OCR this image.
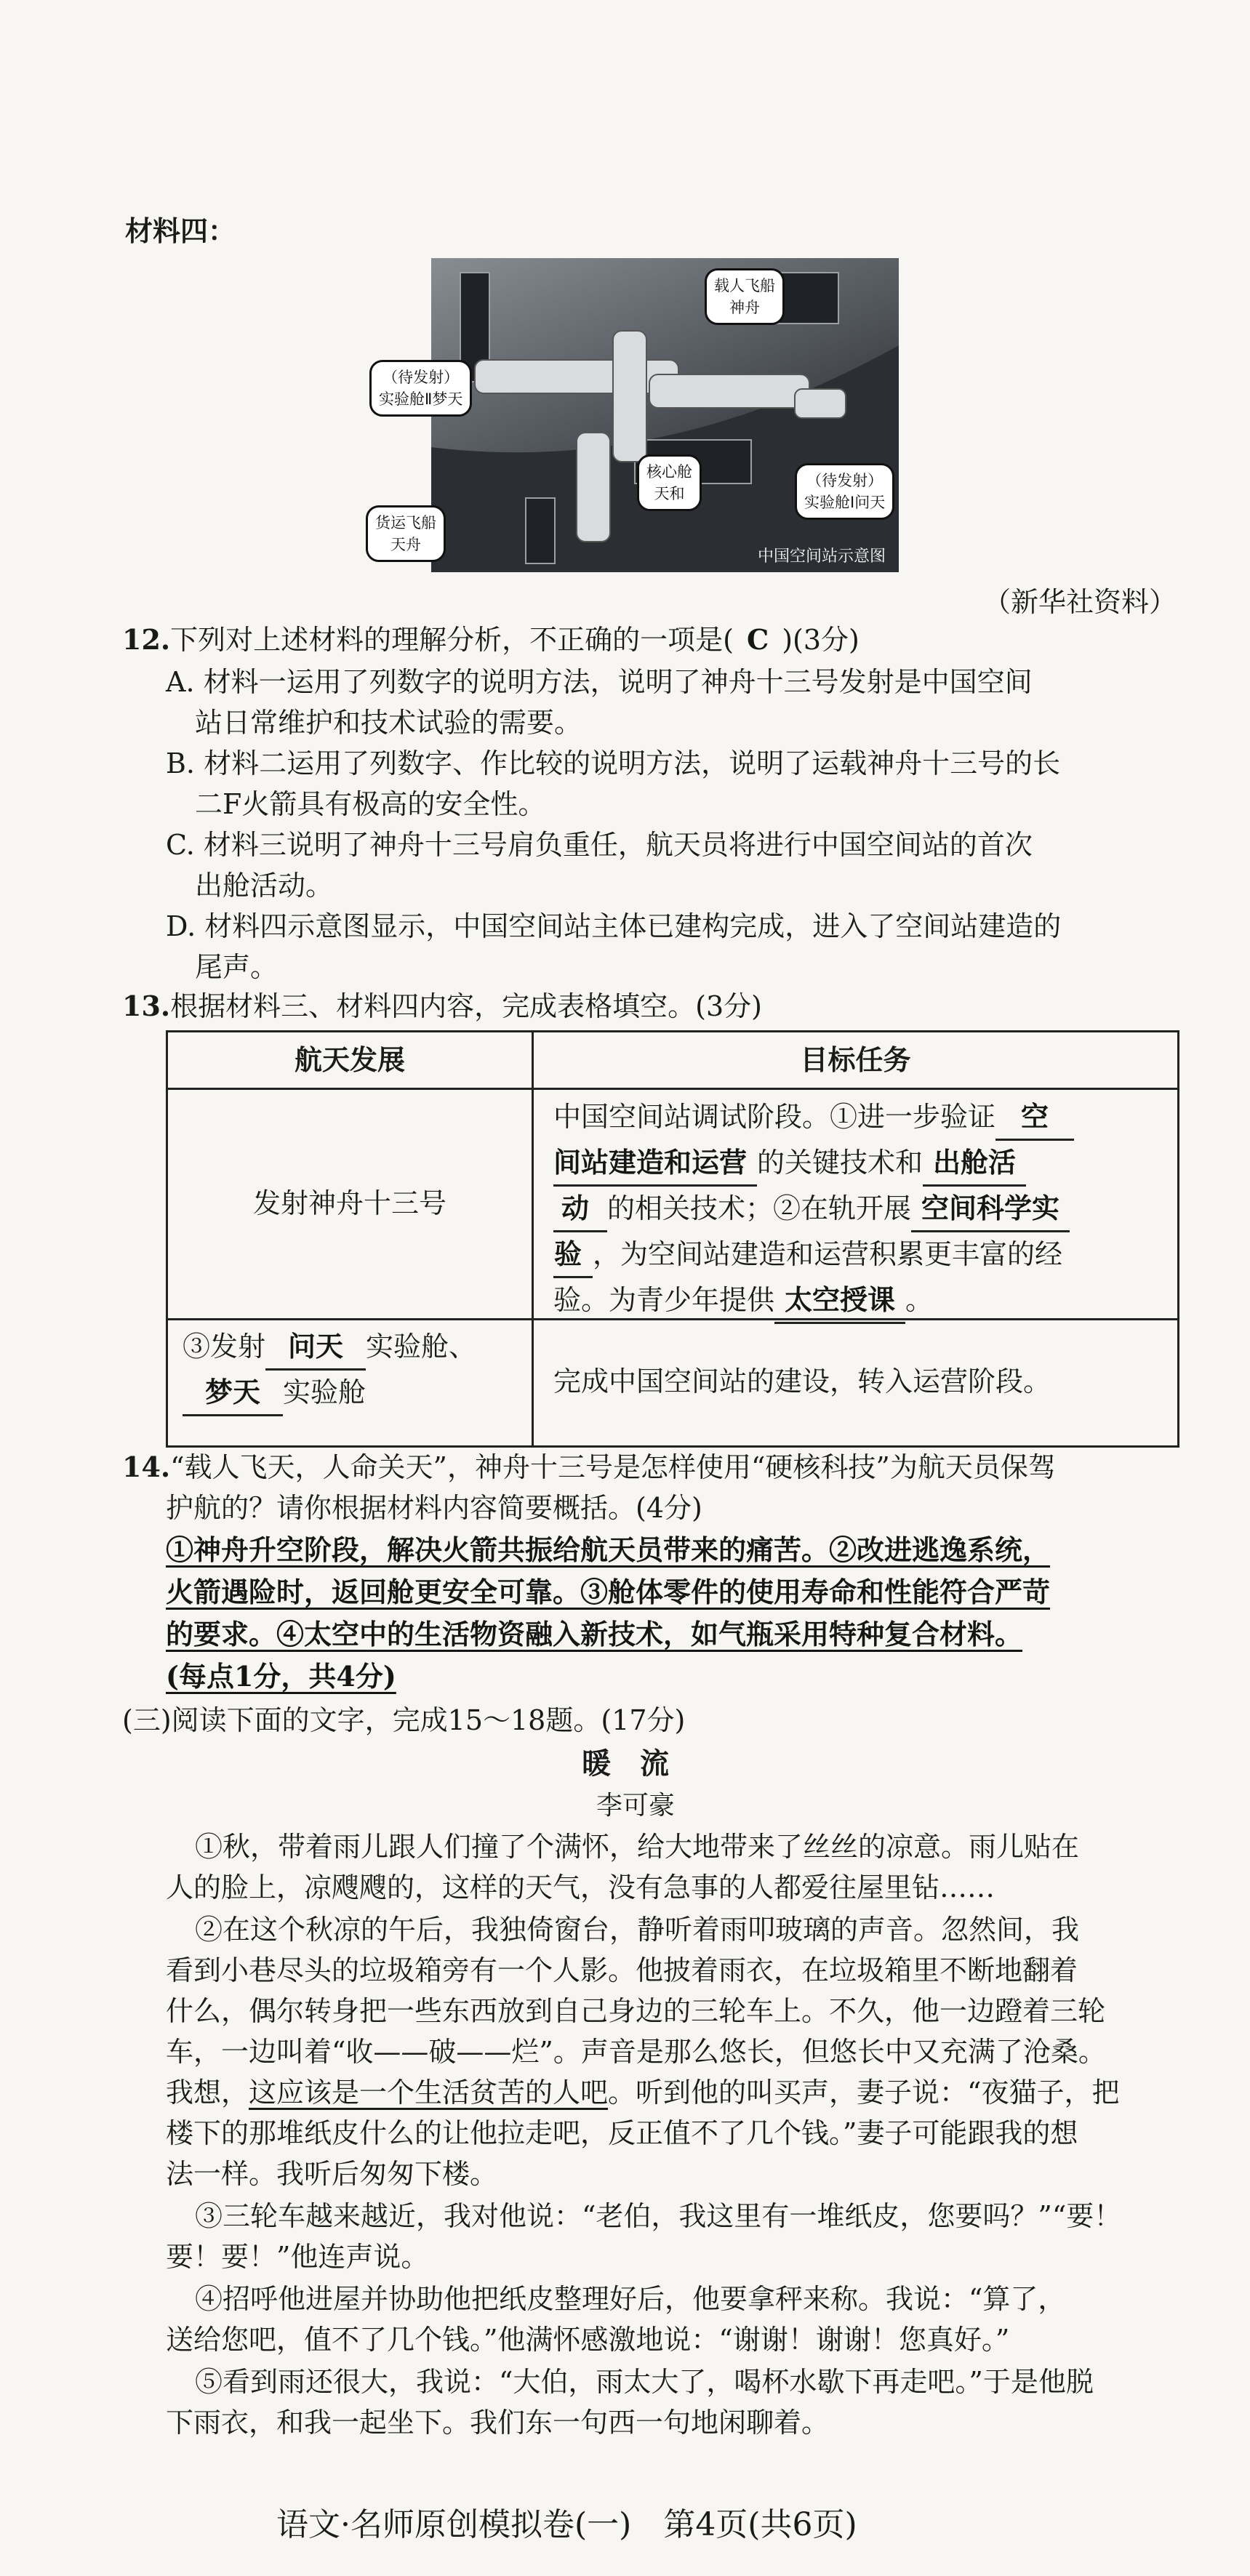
材料四：
载人飞船
神舟
（待发射）
实验舱Ⅱ梦天
核心舱
天和
（待发射）
实验舱Ⅰ问天
货运飞船
天舟
中国空间站示意图
（新华社资料）
12.下列对上述材料的理解分析，不正确的一项是( C )(3分)
A. 材料一运用了列数字的说明方法，说明了神舟十三号发射是中国空间
站日常维护和技术试验的需要。
B. 材料二运用了列数字、作比较的说明方法，说明了运载神舟十三号的长
二F火箭具有极高的安全性。
C. 材料三说明了神舟十三号肩负重任，航天员将进行中国空间站的首次
出舱活动。
D. 材料四示意图显示，中国空间站主体已建构完成，进入了空间站建造的
尾声。
13.根据材料三、材料四内容，完成表格填空。(3分)
航天发展	目标任务
发射神舟十三号
中国空间站调试阶段。①进一步验证 空
间站建造和运营 的关键技术和 出舱活
动 的相关技术；②在轨开展 空间科学实
验 ，为空间站建造和运营积累更丰富的经
验。为青少年提供 太空授课 。
③发射 问天 实验舱、
梦天 实验舱	完成中国空间站的建设，转入运营阶段。
14.“载人飞天，人命关天”，神舟十三号是怎样使用“硬核科技”为航天员保驾
护航的？请你根据材料内容简要概括。(4分)
①神舟升空阶段，解决火箭共振给航天员带来的痛苦。②改进逃逸系统，
火箭遇险时，返回舱更安全可靠。③舱体零件的使用寿命和性能符合严苛
的要求。④太空中的生活物资融入新技术，如气瓶采用特种复合材料。
(每点1分，共4分)
(三)阅读下面的文字，完成15～18题。(17分)
暖　流
李可豪
①秋，带着雨儿跟人们撞了个满怀，给大地带来了丝丝的凉意。雨儿贴在
人的脸上，凉飕飕的，这样的天气，没有急事的人都爱往屋里钻……
②在这个秋凉的午后，我独倚窗台，静听着雨叩玻璃的声音。忽然间，我
看到小巷尽头的垃圾箱旁有一个人影。他披着雨衣，在垃圾箱里不断地翻着
什么，偶尔转身把一些东西放到自己身边的三轮车上。不久，他一边蹬着三轮
车，一边叫着“收——破——烂”。声音是那么悠长，但悠长中又充满了沧桑。
我想，这应该是一个生活贫苦的人吧。听到他的叫买声，妻子说：“夜猫子，把
楼下的那堆纸皮什么的让他拉走吧，反正值不了几个钱。”妻子可能跟我的想
法一样。我听后匆匆下楼。
③三轮车越来越近，我对他说：“老伯，我这里有一堆纸皮，您要吗？”“要！
要！要！”他连声说。
④招呼他进屋并协助他把纸皮整理好后，他要拿秤来称。我说：“算了，
送给您吧，值不了几个钱。”他满怀感激地说：“谢谢！谢谢！您真好。”
⑤看到雨还很大，我说：“大伯，雨太大了，喝杯水歇下再走吧。”于是他脱
下雨衣，和我一起坐下。我们东一句西一句地闲聊着。
语文·名师原创模拟卷(一)　第4页(共6页)
